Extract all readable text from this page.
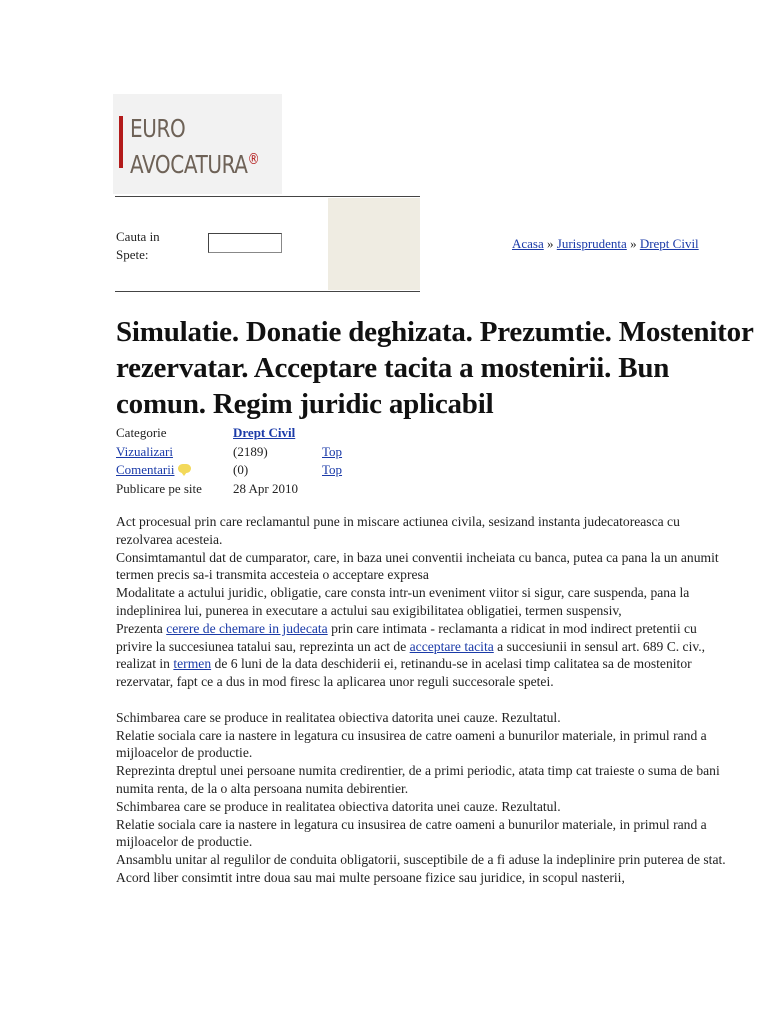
EURO
AVOCATURA®
Cauta in Spete:
Acasa » Jurisprudenta » Drept Civil
Simulatie. Donatie deghizata. Prezumtie. Mostenitor rezervatar. Acceptare tacita a mostenirii. Bun comun. Regim juridic aplicabil
Categorie	Drept Civil
Vizualizari	(2189)	Top
Comentarii	(0)	Top
Publicare pe site 28 Apr 2010

Act procesual prin care reclamantul pune in miscare actiunea civila, sesizand instanta judecatoreasca cu rezolvarea acesteia.

Consimtamantul dat de cumparator, care, in baza unei conventii incheiata cu banca, putea ca pana la un anumit termen precis sa-i transmita accesteia o acceptare expresa

Modalitate a actului juridic, obligatie, care consta intr-un eveniment viitor si sigur, care suspenda, pana la indeplinirea lui, punerea in executare a actului sau exigibilitatea obligatiei, termen suspensiv,

Prezenta cerere de chemare in judecata prin care intimata - reclamanta a ridicat in mod indirect pretentii cu privire la succesiunea tatalui sau, reprezinta un act de acceptare tacita a succesiunii in sensul art. 689 C. civ., realizat in termen de 6 luni de la data deschiderii ei, retinandu-se in acelasi timp calitatea sa de mostenitor rezervatar, fapt ce a dus in mod firesc la aplicarea unor reguli succesorale spetei.

Schimbarea care se produce in realitatea obiectiva datorita unei cauze. Rezultatul.

Relatie sociala care ia nastere in legatura cu insusirea de catre oameni a bunurilor materiale, in primul rand a mijloacelor de productie.

Reprezinta dreptul unei persoane numita credirentier, de a primi periodic, atata timp cat traieste o suma de bani numita renta, de la o alta persoana numita debirentier.

Schimbarea care se produce in realitatea obiectiva datorita unei cauze. Rezultatul.

Relatie sociala care ia nastere in legatura cu insusirea de catre oameni a bunurilor materiale, in primul rand a mijloacelor de productie.

Ansamblu unitar al regulilor de conduita obligatorii, susceptibile de a fi aduse la indeplinire prin puterea de stat.

Acord liber consimtit intre doua sau mai multe persoane fizice sau juridice, in scopul nasterii,
